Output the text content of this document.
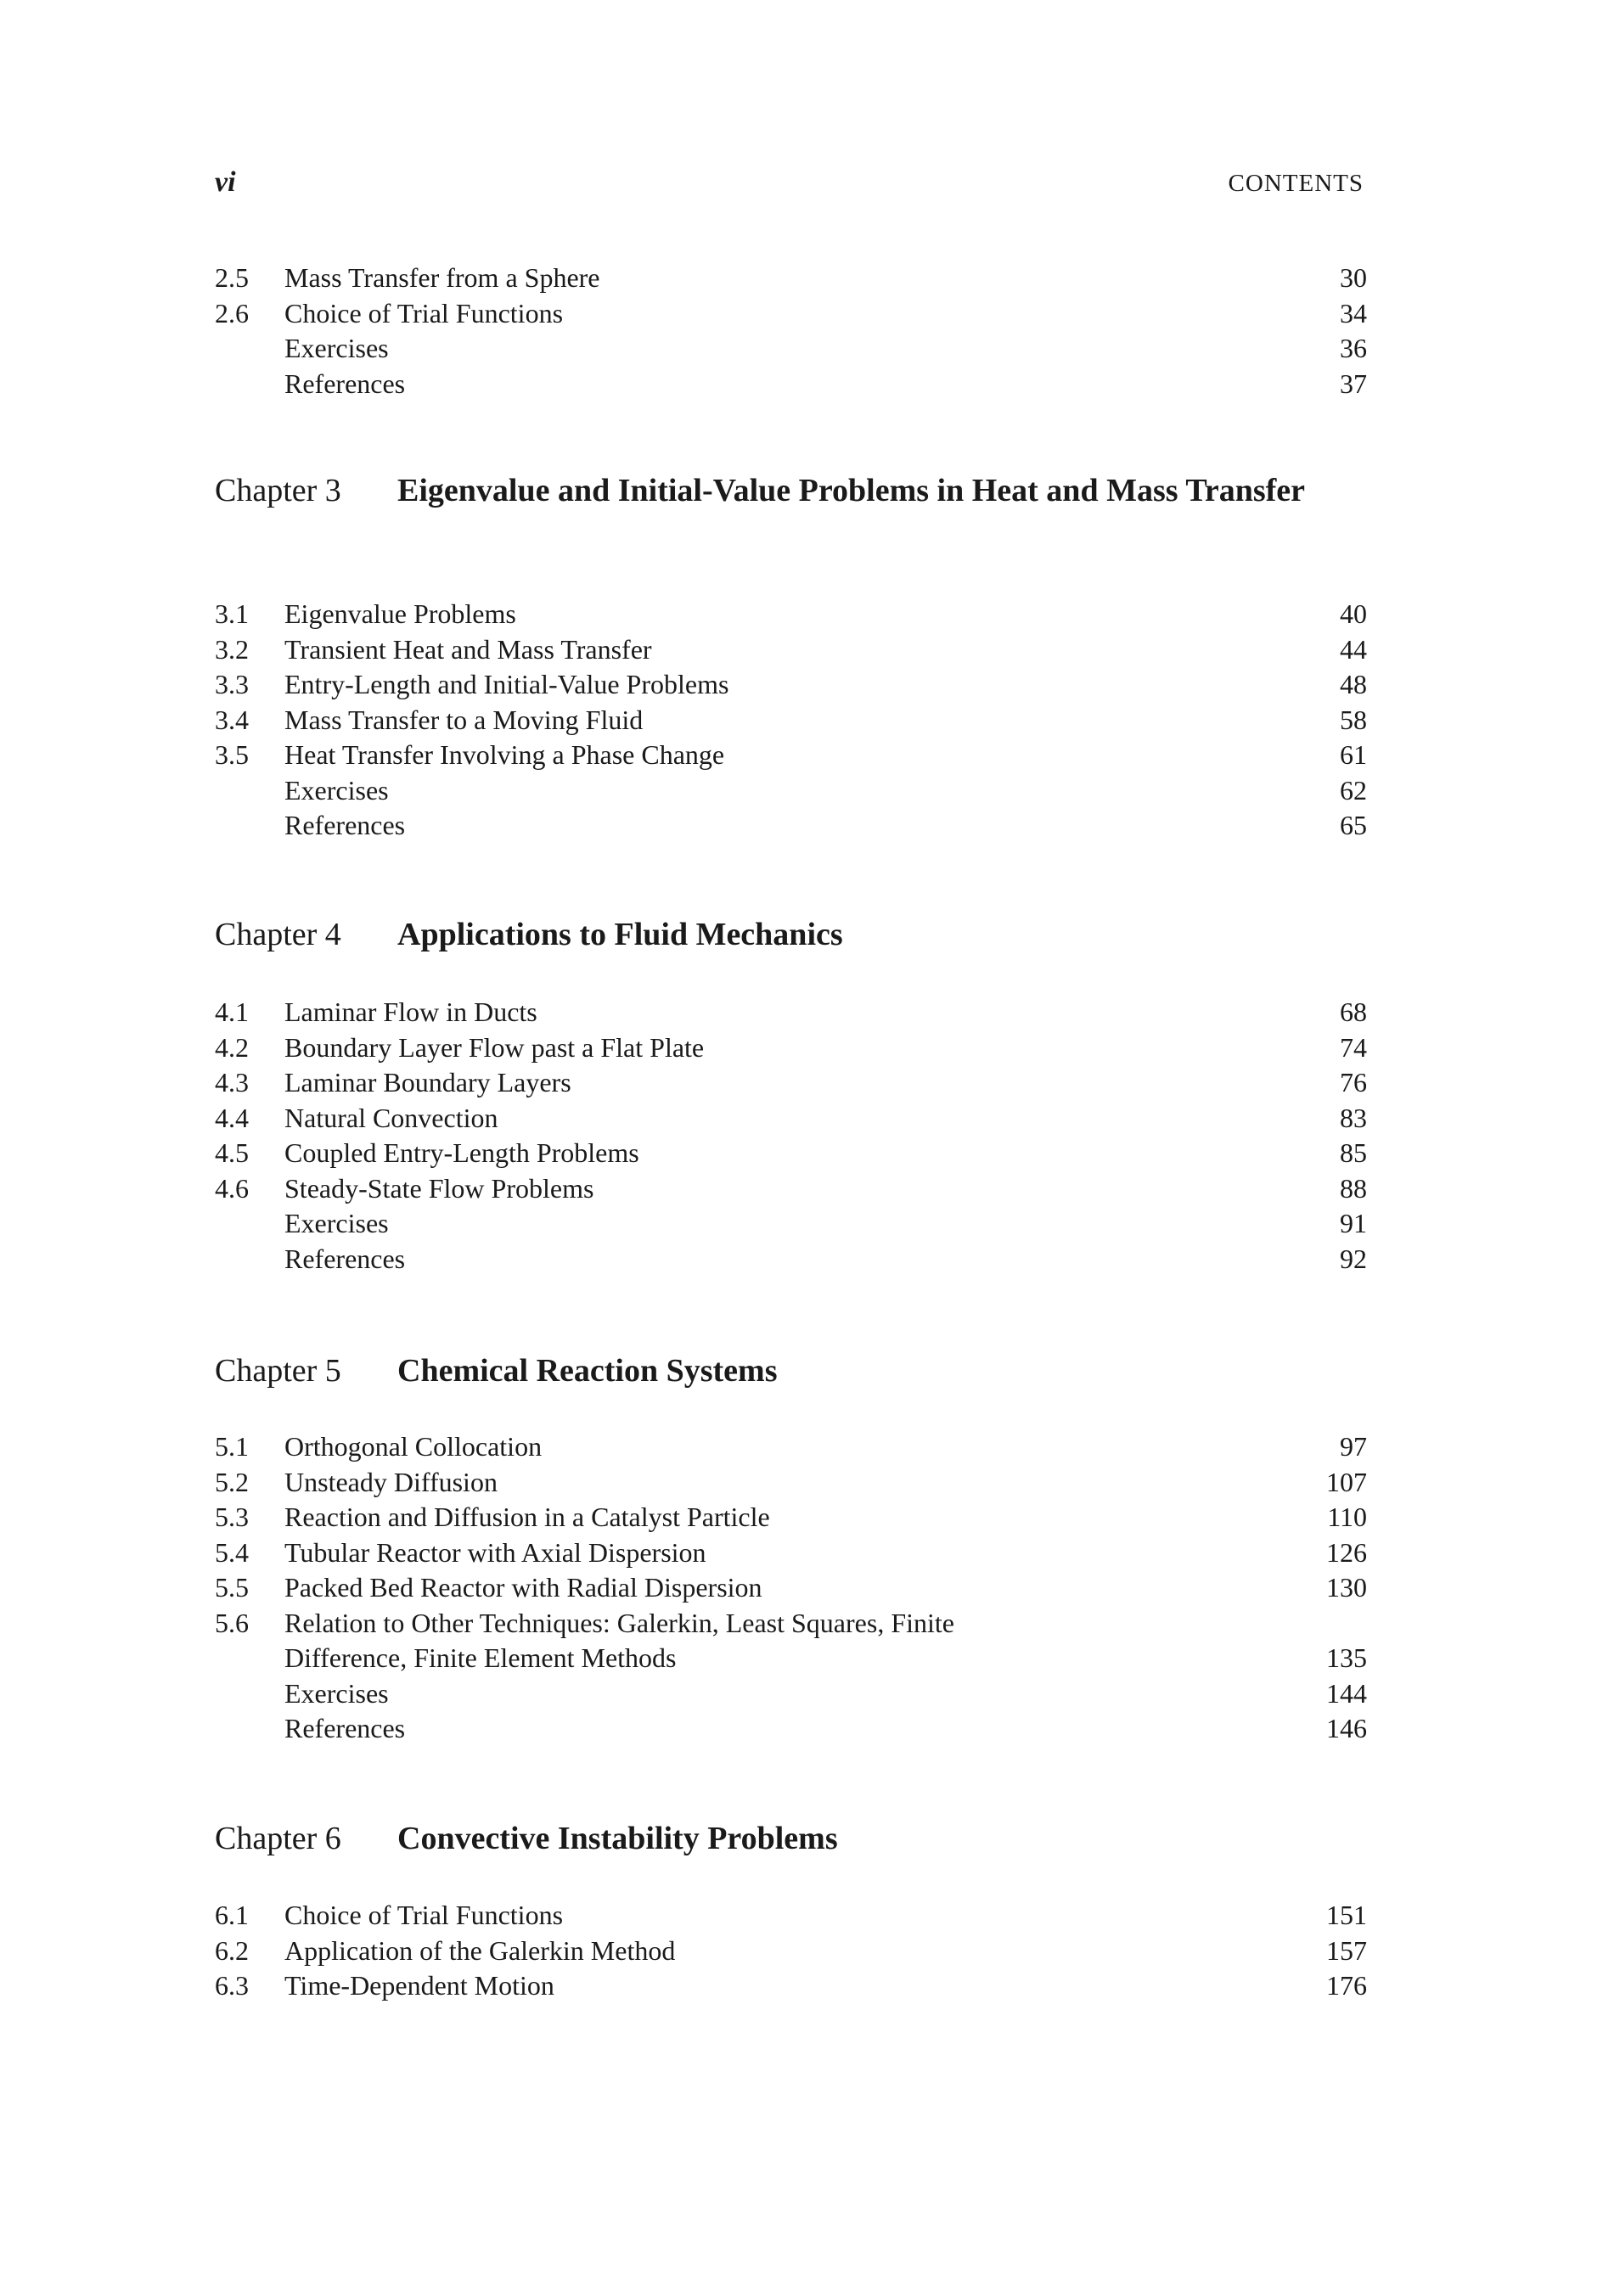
vi	CONTENTS
2.5 Mass Transfer from a Sphere	30
2.6 Choice of Trial Functions	34
Exercises	36
References	37
Chapter 3 Eigenvalue and Initial-Value Problems in Heat and Mass Transfer
3.1 Eigenvalue Problems	40
3.2 Transient Heat and Mass Transfer	44
3.3 Entry-Length and Initial-Value Problems	48
3.4 Mass Transfer to a Moving Fluid	58
3.5 Heat Transfer Involving a Phase Change	61
Exercises	62
References	65
Chapter 4 Applications to Fluid Mechanics
4.1 Laminar Flow in Ducts	68
4.2 Boundary Layer Flow past a Flat Plate	74
4.3 Laminar Boundary Layers	76
4.4 Natural Convection	83
4.5 Coupled Entry-Length Problems	85
4.6 Steady-State Flow Problems	88
Exercises	91
References	92
Chapter 5 Chemical Reaction Systems
5.1 Orthogonal Collocation	97
5.2 Unsteady Diffusion	107
5.3 Reaction and Diffusion in a Catalyst Particle	110
5.4 Tubular Reactor with Axial Dispersion	126
5.5 Packed Bed Reactor with Radial Dispersion	130
5.6 Relation to Other Techniques: Galerkin, Least Squares, Finite
Difference, Finite Element Methods	135
Exercises	144
References	146
Chapter 6 Convective Instability Problems
6.1 Choice of Trial Functions	151
6.2 Application of the Galerkin Method	157
6.3 Time-Dependent Motion	176
